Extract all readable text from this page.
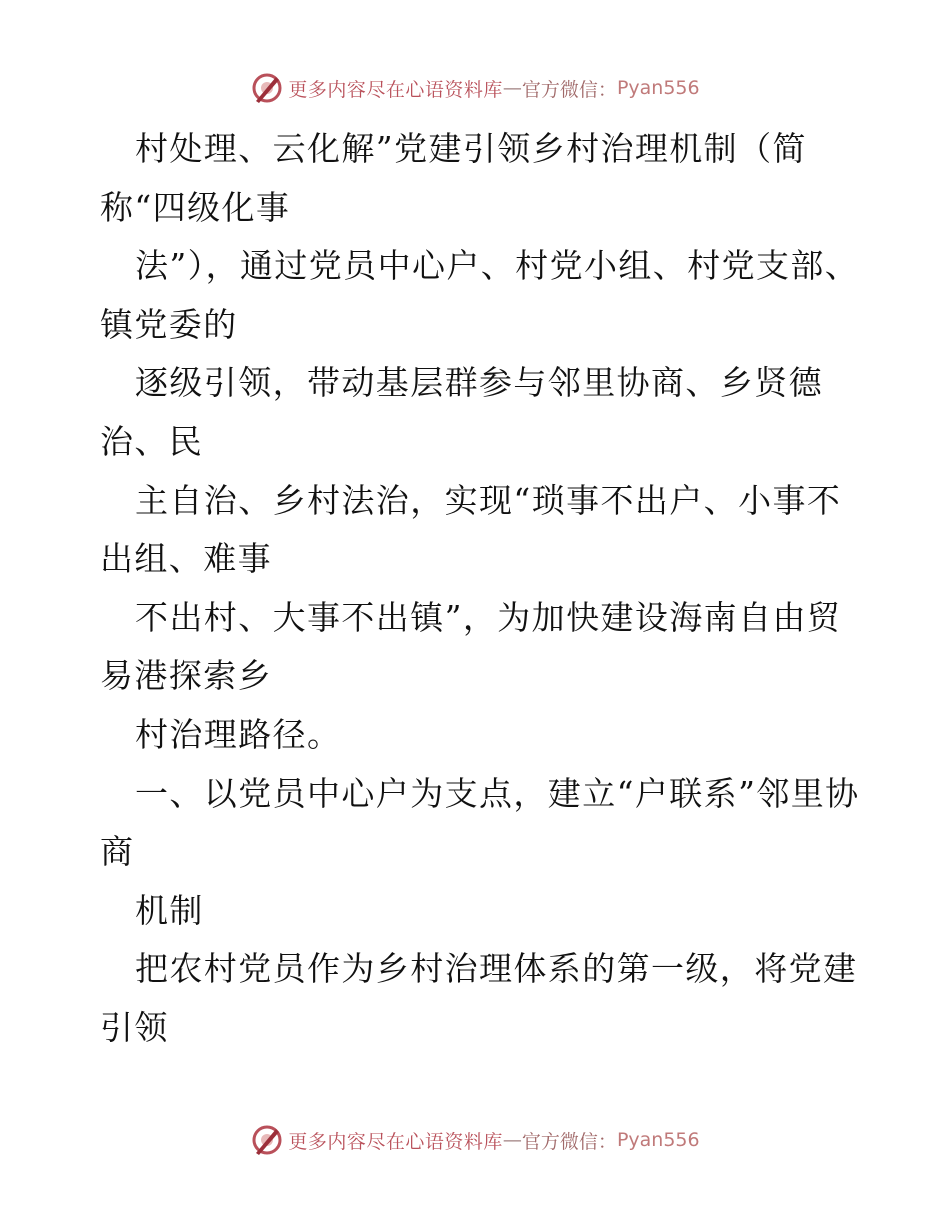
更多内容尽在心语资料库 — 官方微信： Pyan556

村处理、云化解”党建引领乡村治理机制（简称“四级化事

法”），通过党员中心户、村党小组、村党支部、镇党委的

逐级引领，带动基层群参与邻里协商、乡贤德治、民

主自治、乡村法治，实现“琐事不出户、小事不出组、难事

不出村、大事不出镇”，为加快建设海南自由贸易港探索乡

村治理路径。

一、以党员中心户为支点，建立“户联系”邻里协商

机制

把农村党员作为乡村治理体系的第一级，将党建引领

更多内容尽在心语资料库 — 官方微信： Pyan556
